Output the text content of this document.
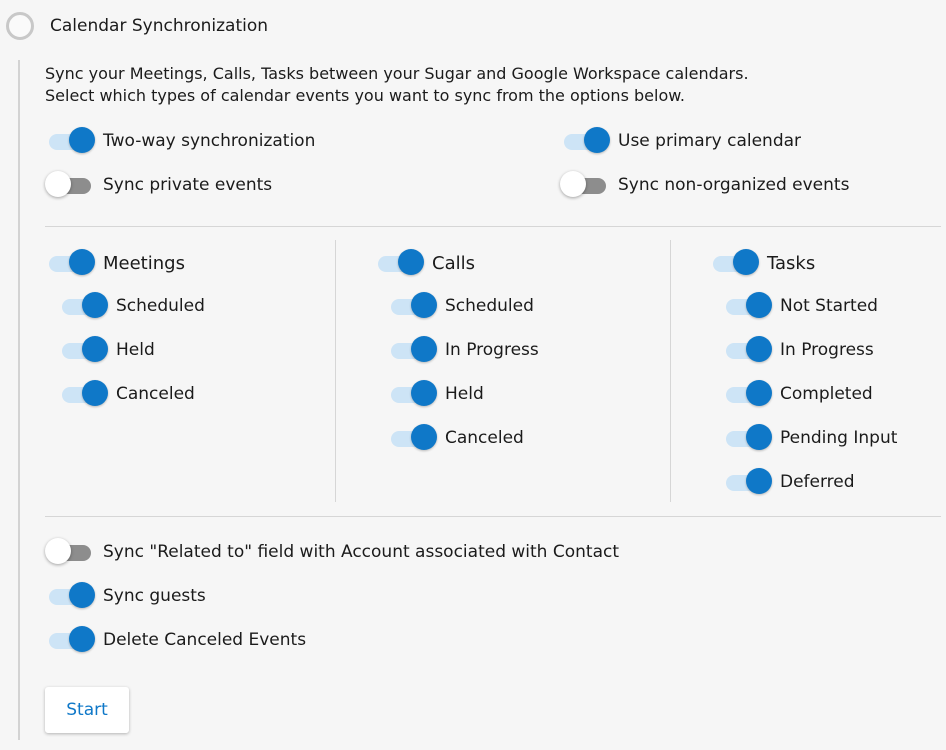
Calendar Synchronization
Sync your Meetings, Calls, Tasks between your Sugar and Google Workspace calendars.
Select which types of calendar events you want to sync from the options below.
Two-way synchronization	Use primary calendar
Sync private events	Sync non-organized events
Meetings
Scheduled
Held
Canceled
Calls
Scheduled
In Progress
Held
Canceled
Tasks
Not Started
In Progress
Completed
Pending Input
Deferred
Sync "Related to" field with Account associated with Contact
Sync guests
Delete Canceled Events
Start
